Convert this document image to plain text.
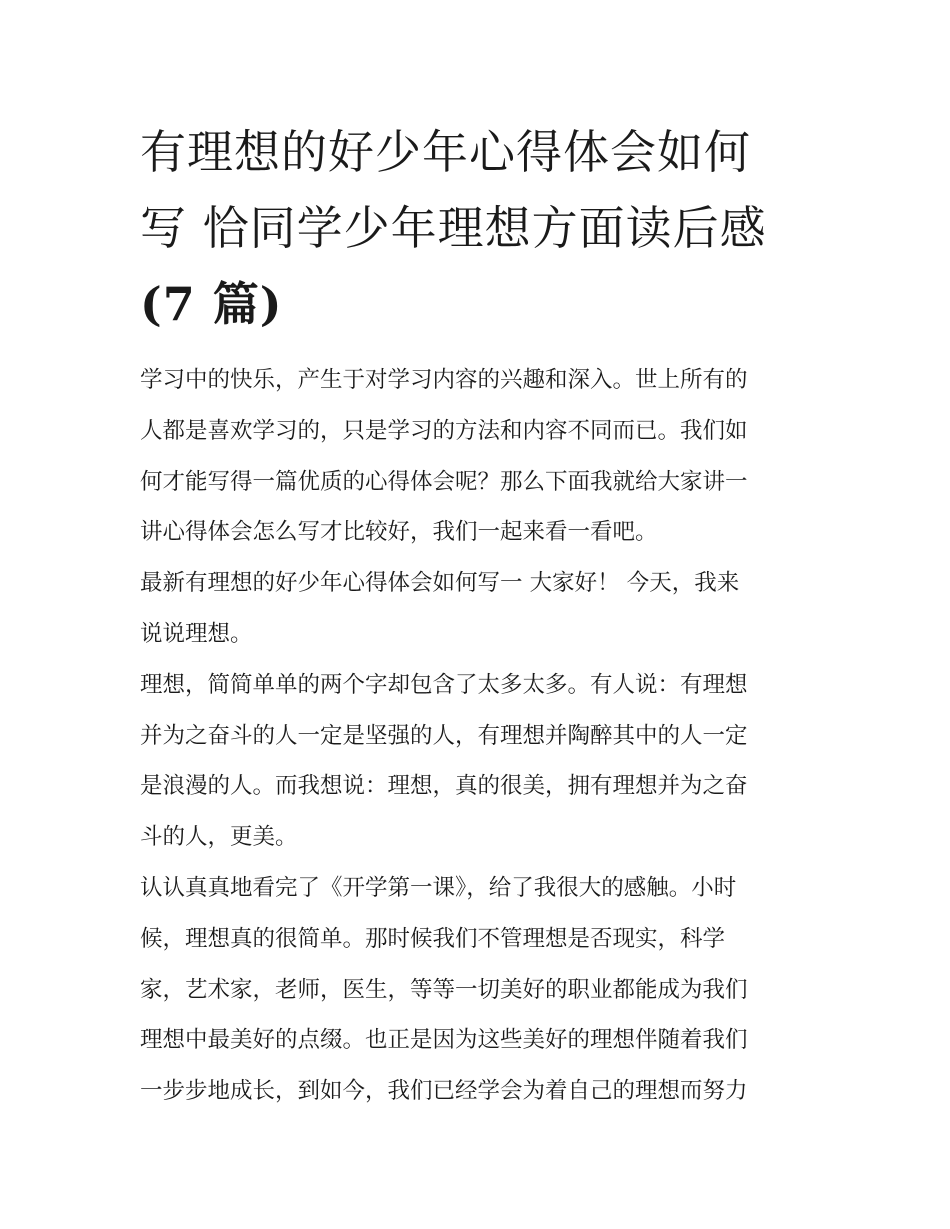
有理想的好少年心得体会如何
写 恰同学少年理想方面读后感
(7 篇)
学习中的快乐，产生于对学习内容的兴趣和深入。世上所有的
人都是喜欢学习的，只是学习的方法和内容不同而已。我们如
何才能写得一篇优质的心得体会呢？那么下面我就给大家讲一
讲心得体会怎么写才比较好，我们一起来看一看吧。
最新有理想的好少年心得体会如何写一 大家好！ 今天，我来
说说理想。
理想，简简单单的两个字却包含了太多太多。有人说：有理想
并为之奋斗的人一定是坚强的人，有理想并陶醉其中的人一定
是浪漫的人。而我想说：理想，真的很美，拥有理想并为之奋
斗的人，更美。
认认真真地看完了《开学第一课》，给了我很大的感触。小时
候，理想真的很简单。那时候我们不管理想是否现实，科学
家，艺术家，老师，医生，等等一切美好的职业都能成为我们
理想中最美好的点缀。也正是因为这些美好的理想伴随着我们
一步步地成长，到如今，我们已经学会为着自己的理想而努力
